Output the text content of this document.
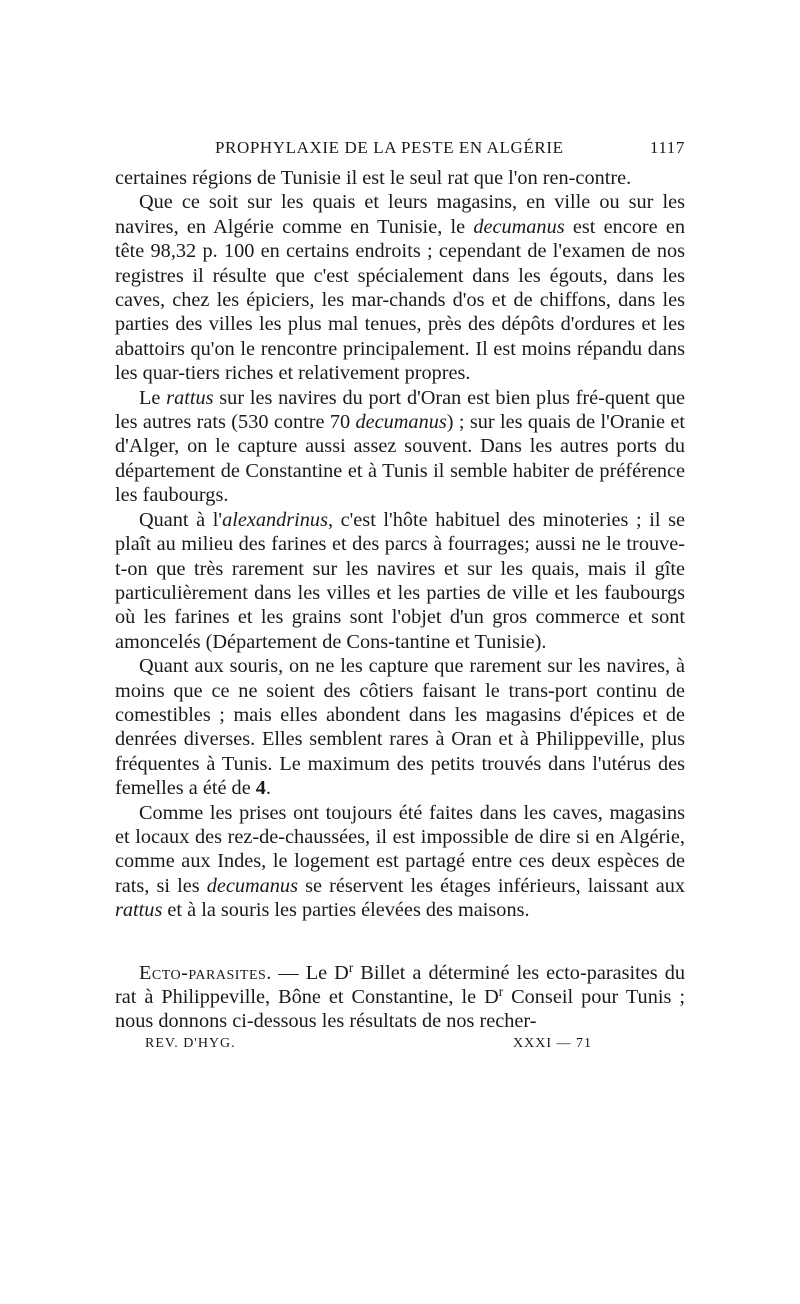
PROPHYLAXIE DE LA PESTE EN ALGÉRIE	1117

certaines régions de Tunisie il est le seul rat que l'on ren-contre.

Que ce soit sur les quais et leurs magasins, en ville ou sur les navires, en Algérie comme en Tunisie, le decumanus est encore en tête 98,32 p. 100 en certains endroits ; cependant de l'examen de nos registres il résulte que c'est spécialement dans les égouts, dans les caves, chez les épiciers, les mar-chands d'os et de chiffons, dans les parties des villes les plus mal tenues, près des dépôts d'ordures et les abattoirs qu'on le rencontre principalement. Il est moins répandu dans les quar-tiers riches et relativement propres.

Le rattus sur les navires du port d'Oran est bien plus fré-quent que les autres rats (530 contre 70 decumanus) ; sur les quais de l'Oranie et d'Alger, on le capture aussi assez souvent. Dans les autres ports du département de Constantine et à Tunis il semble habiter de préférence les faubourgs.

Quant à l'alexandrinus, c'est l'hôte habituel des minoteries ; il se plaît au milieu des farines et des parcs à fourrages; aussi ne le trouve-t-on que très rarement sur les navires et sur les quais, mais il gîte particulièrement dans les villes et les parties de ville et les faubourgs où les farines et les grains sont l'objet d'un gros commerce et sont amoncelés (Département de Cons-tantine et Tunisie).

Quant aux souris, on ne les capture que rarement sur les navires, à moins que ce ne soient des côtiers faisant le trans-port continu de comestibles ; mais elles abondent dans les magasins d'épices et de denrées diverses. Elles semblent rares à Oran et à Philippeville, plus fréquentes à Tunis. Le maximum des petits trouvés dans l'utérus des femelles a été de 4.

Comme les prises ont toujours été faites dans les caves, magasins et locaux des rez-de-chaussées, il est impossible de dire si en Algérie, comme aux Indes, le logement est partagé entre ces deux espèces de rats, si les decumanus se réservent les étages inférieurs, laissant aux rattus et à la souris les parties élevées des maisons.

Ecto-parasites. — Le $D^r$ Billet a déterminé les ecto-parasites du rat à Philippeville, Bône et Constantine, le $D^r$ Conseil pour Tunis ; nous donnons ci-dessous les résultats de nos recher-

REV. D'HYG.	XXXI — 71
